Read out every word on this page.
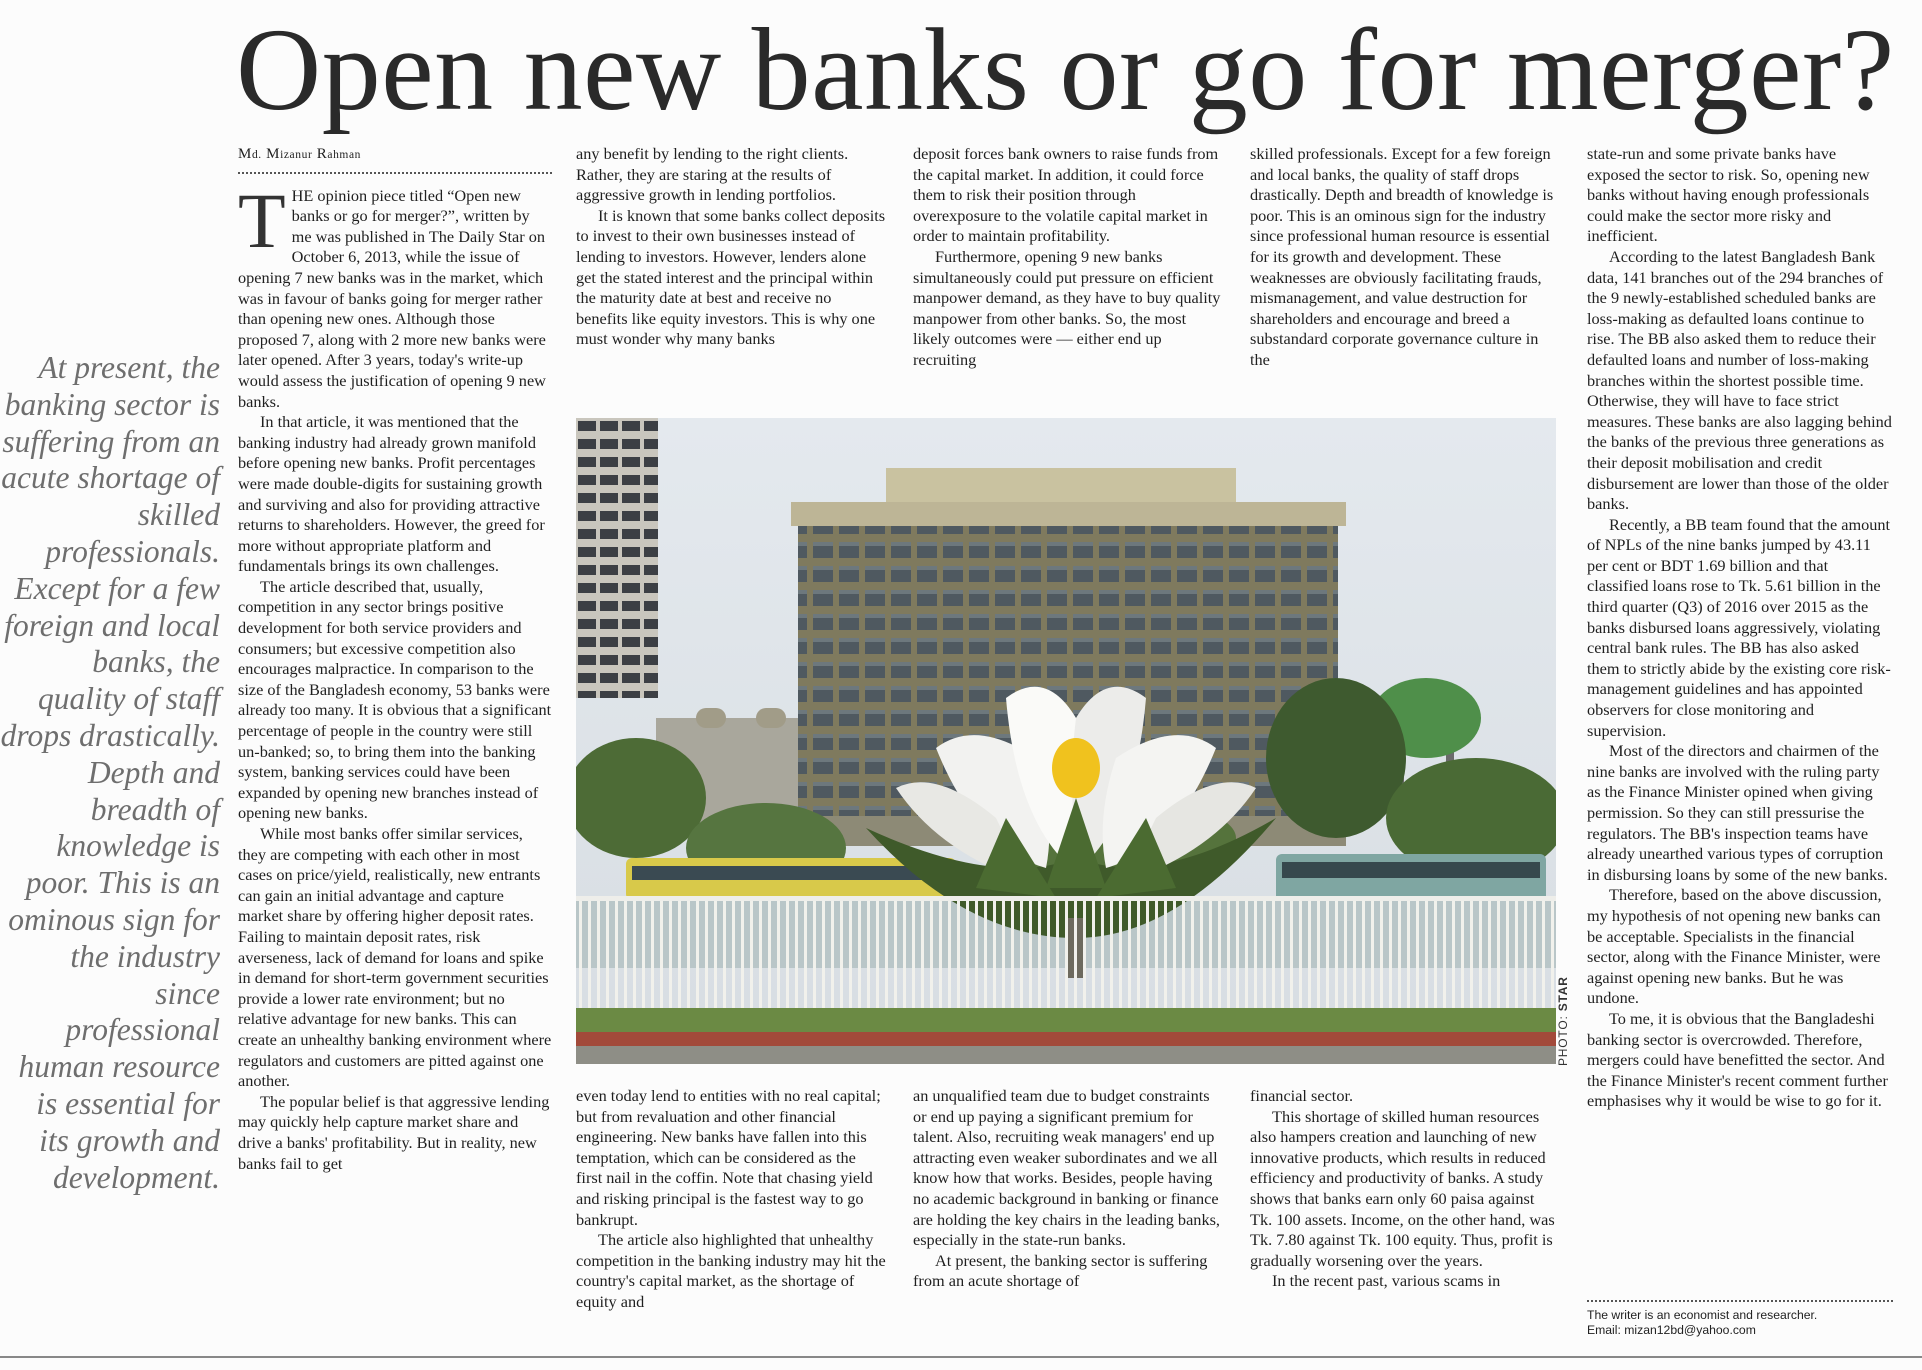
Open new banks or go for merger?
At present, the banking sector is suffering from an acute shortage of skilled professionals. Except for a few foreign and local banks, the quality of staff drops drastically. Depth and breadth of knowledge is poor. This is an ominous sign for the industry since professional human resource is essential for its growth and development.
Md. Mizanur Rahman

THE opinion piece titled “Open new banks or go for merger?”, written by me was published in The Daily Star on October 6, 2013, while the issue of opening 7 new banks was in the market, which was in favour of banks going for merger rather than opening new ones. Although those proposed 7, along with 2 more new banks were later opened. After 3 years, today's write-up would assess the justification of opening 9 new banks.

In that article, it was mentioned that the banking industry had already grown manifold before opening new banks. Profit percentages were made double-digits for sustaining growth and surviving and also for providing attractive returns to shareholders. However, the greed for more without appropriate platform and fundamentals brings its own challenges.

The article described that, usually, competition in any sector brings positive development for both service providers and consumers; but excessive competition also encourages malpractice. In comparison to the size of the Bangladesh economy, 53 banks were already too many. It is obvious that a significant percentage of people in the country were still un-banked; so, to bring them into the banking system, banking services could have been expanded by opening new branches instead of opening new banks.

While most banks offer similar services, they are competing with each other in most cases on price/yield, realistically, new entrants can gain an initial advantage and capture market share by offering higher deposit rates. Failing to maintain deposit rates, risk averseness, lack of demand for loans and spike in demand for short-term government securities provide a lower rate environment; but no relative advantage for new banks. This can create an unhealthy banking environment where regulators and customers are pitted against one another.

The popular belief is that aggressive lending may quickly help capture market share and drive a banks' profitability. But in reality, new banks fail to get

any benefit by lending to the right clients. Rather, they are staring at the results of aggressive growth in lending portfolios.

It is known that some banks collect deposits to invest to their own businesses instead of lending to investors. However, lenders alone get the stated interest and the principal within the maturity date at best and receive no benefits like equity investors. This is why one must wonder why many banks

deposit forces bank owners to raise funds from the capital market. In addition, it could force them to risk their position through overexposure to the volatile capital market in order to maintain profitability.

Furthermore, opening 9 new banks simultaneously could put pressure on efficient manpower demand, as they have to buy quality manpower from other banks. So, the most likely outcomes were — either end up recruiting

skilled professionals. Except for a few foreign and local banks, the quality of staff drops drastically. Depth and breadth of knowledge is poor. This is an ominous sign for the industry since professional human resource is essential for its growth and development. These weaknesses are obviously facilitating frauds, mismanagement, and value destruction for shareholders and encourage and breed a substandard corporate governance culture in the

PHOTO: STAR

even today lend to entities with no real capital; but from revaluation and other financial engineering. New banks have fallen into this temptation, which can be considered as the first nail in the coffin. Note that chasing yield and risking principal is the fastest way to go bankrupt.

The article also highlighted that unhealthy competition in the banking industry may hit the country's capital market, as the shortage of equity and

an unqualified team due to budget constraints or end up paying a significant premium for talent. Also, recruiting weak managers' end up attracting even weaker subordinates and we all know how that works. Besides, people having no academic background in banking or finance are holding the key chairs in the leading banks, especially in the state-run banks.

At present, the banking sector is suffering from an acute shortage of

financial sector.

This shortage of skilled human resources also hampers creation and launching of new innovative products, which results in reduced efficiency and productivity of banks. A study shows that banks earn only 60 paisa against Tk. 100 assets. Income, on the other hand, was Tk. 7.80 against Tk. 100 equity. Thus, profit is gradually worsening over the years.

In the recent past, various scams in

state-run and some private banks have exposed the sector to risk. So, opening new banks without having enough professionals could make the sector more risky and inefficient.

According to the latest Bangladesh Bank data, 141 branches out of the 294 branches of the 9 newly-established scheduled banks are loss-making as defaulted loans continue to rise. The BB also asked them to reduce their defaulted loans and number of loss-making branches within the shortest possible time. Otherwise, they will have to face strict measures. These banks are also lagging behind the banks of the previous three generations as their deposit mobilisation and credit disbursement are lower than those of the older banks.

Recently, a BB team found that the amount of NPLs of the nine banks jumped by 43.11 per cent or BDT 1.69 billion and that classified loans rose to Tk. 5.61 billion in the third quarter (Q3) of 2016 over 2015 as the banks disbursed loans aggressively, violating central bank rules. The BB has also asked them to strictly abide by the existing core risk-management guidelines and has appointed observers for close monitoring and supervision.

Most of the directors and chairmen of the nine banks are involved with the ruling party as the Finance Minister opined when giving permission. So they can still pressurise the regulators. The BB's inspection teams have already unearthed various types of corruption in disbursing loans by some of the new banks.

Therefore, based on the above discussion, my hypothesis of not opening new banks can be acceptable. Specialists in the financial sector, along with the Finance Minister, were against opening new banks. But he was undone.

To me, it is obvious that the Bangladeshi banking sector is overcrowded. Therefore, mergers could have benefitted the sector. And the Finance Minister's recent comment further emphasises why it would be wise to go for it.

The writer is an economist and researcher.
Email: mizan12bd@yahoo.com
